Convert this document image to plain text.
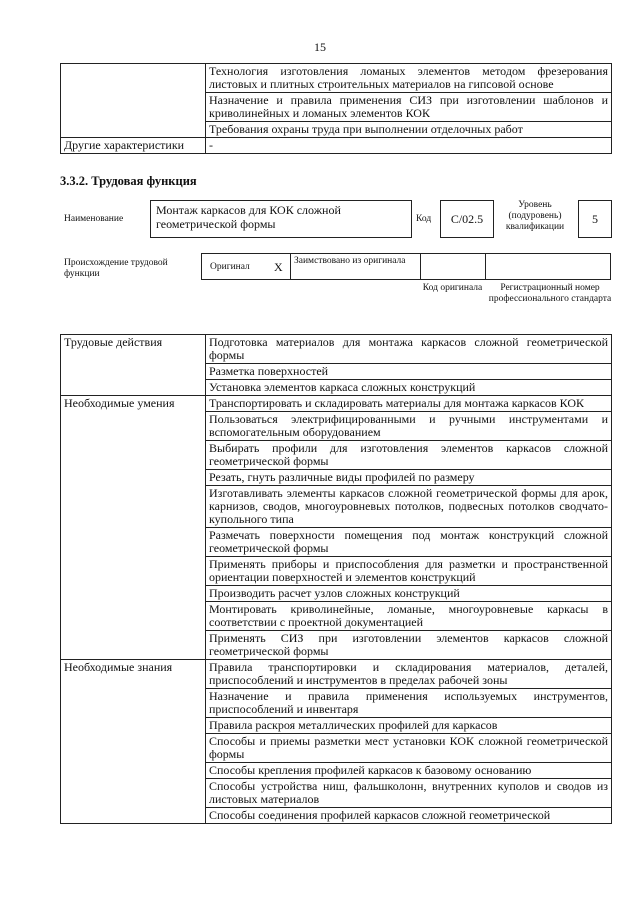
15
	Технология изготовления ломаных элементов методом фрезерования листовых и плитных строительных материалов на гипсовой основе
	Назначение и правила применения СИЗ при изготовлении шаблонов и криволинейных и ломаных элементов КОК
	Требования охраны труда при выполнении отделочных работ
Другие характеристики	-
3.3.2. Трудовая функция
Наименование
Монтаж каркасов для КОК сложной геометрической формы	Код	С/02.5
Уровень (подуровень) квалификации
5
Происхождение трудовой функции
Оригинал X Заимствовано из оригинала
Код оригинала	Регистрационный номер профессионального стандарта
Трудовые действия	Подготовка материалов для монтажа каркасов сложной геометрической формы
	Разметка поверхностей
	Установка элементов каркаса сложных конструкций
Необходимые умения	Транспортировать и складировать материалы для монтажа каркасов КОК
	Пользоваться электрифицированными и ручными инструментами и вспомогательным оборудованием
	Выбирать профили для изготовления элементов каркасов сложной геометрической формы
	Резать, гнуть различные виды профилей по размеру
	Изготавливать элементы каркасов сложной геометрической формы для арок, карнизов, сводов, многоуровневых потолков, подвесных потолков сводчато-купольного типа
	Размечать поверхности помещения под монтаж конструкций сложной геометрической формы
	Применять приборы и приспособления для разметки и пространственной ориентации поверхностей и элементов конструкций
	Производить расчет узлов сложных конструкций
	Монтировать криволинейные, ломаные, многоуровневые каркасы в соответствии с проектной документацией
	Применять СИЗ при изготовлении элементов каркасов сложной геометрической формы
Необходимые знания	Правила транспортировки и складирования материалов, деталей, приспособлений и инструментов в пределах рабочей зоны
	Назначение и правила применения используемых инструментов, приспособлений и инвентаря
	Правила раскроя металлических профилей для каркасов
	Способы и приемы разметки мест установки КОК сложной геометрической формы
	Способы крепления профилей каркасов к базовому основанию
	Способы устройства ниш, фальшколонн, внутренних куполов и сводов из листовых материалов
	Способы соединения профилей каркасов сложной геометрической
